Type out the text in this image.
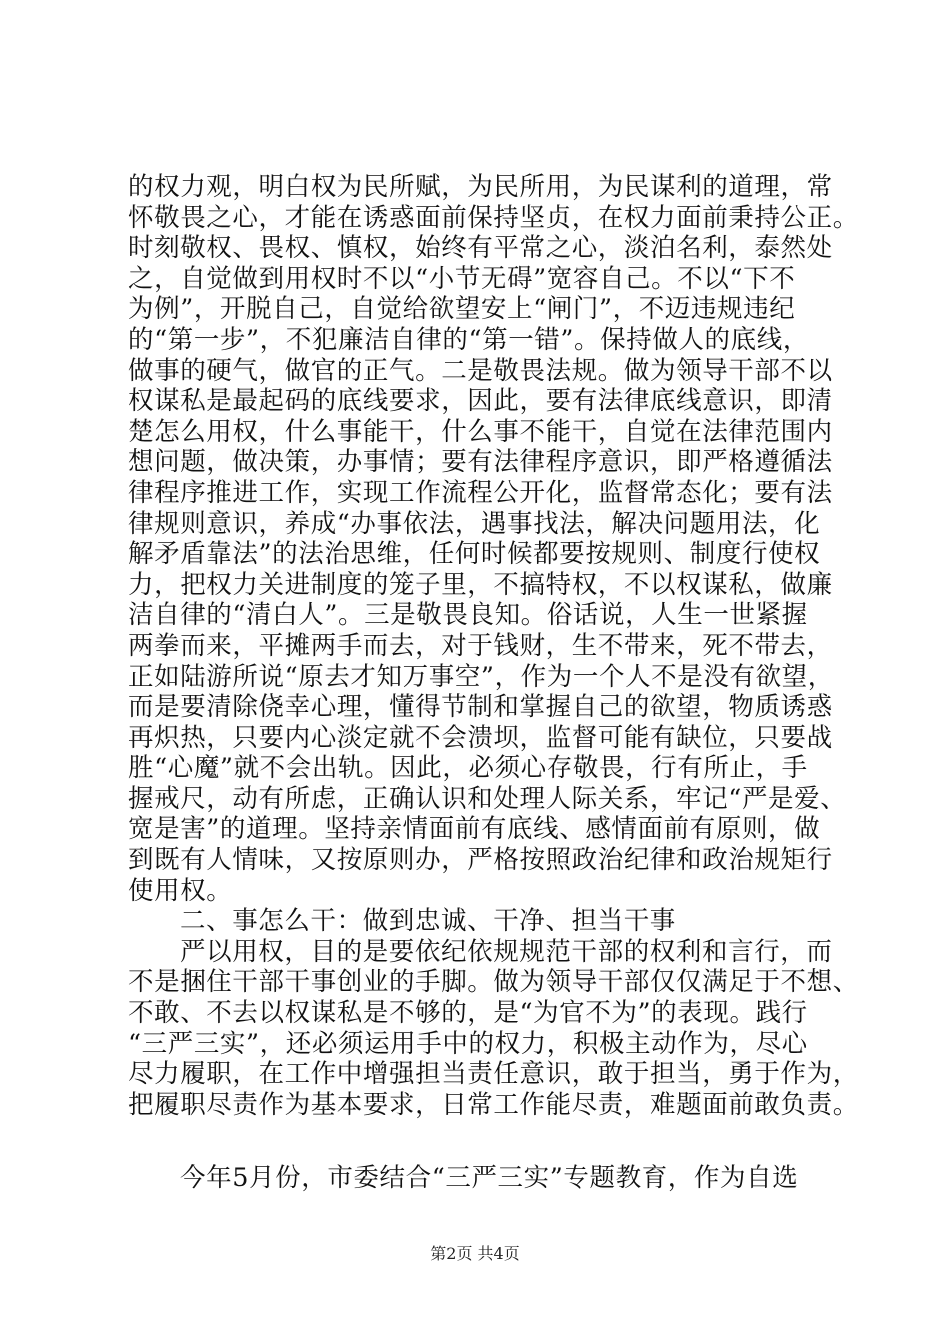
的权力观，明白权为民所赋，为民所用，为民谋利的道理，常
怀敬畏之心，才能在诱惑面前保持坚贞，在权力面前秉持公正。
时刻敬权、畏权、慎权，始终有平常之心，淡泊名利，泰然处
之，自觉做到用权时不以“小节无碍”宽容自己。不以“下不
为例”，开脱自己，自觉给欲望安上“闸门”，不迈违规违纪
的“第一步”，不犯廉洁自律的“第一错”。保持做人的底线，
做事的硬气，做官的正气。二是敬畏法规。做为领导干部不以
权谋私是最起码的底线要求，因此，要有法律底线意识，即清
楚怎么用权，什么事能干，什么事不能干，自觉在法律范围内
想问题，做决策，办事情；要有法律程序意识，即严格遵循法
律程序推进工作，实现工作流程公开化，监督常态化；要有法
律规则意识，养成“办事依法，遇事找法，解决问题用法，化
解矛盾靠法”的法治思维，任何时候都要按规则、制度行使权
力，把权力关进制度的笼子里，不搞特权，不以权谋私，做廉
洁自律的“清白人”。三是敬畏良知。俗话说，人生一世紧握
两拳而来，平摊两手而去，对于钱财，生不带来，死不带去，
正如陆游所说“原去才知万事空”，作为一个人不是没有欲望，
而是要清除侥幸心理，懂得节制和掌握自己的欲望，物质诱惑
再炽热，只要内心淡定就不会溃坝，监督可能有缺位，只要战
胜“心魔”就不会出轨。因此，必须心存敬畏，行有所止，手
握戒尺，动有所虑，正确认识和处理人际关系，牢记“严是爱、
宽是害”的道理。坚持亲情面前有底线、感情面前有原则，做
到既有人情味，又按原则办，严格按照政治纪律和政治规矩行
使用权。
二、事怎么干：做到忠诚、干净、担当干事
严以用权，目的是要依纪依规规范干部的权利和言行，而
不是捆住干部干事创业的手脚。做为领导干部仅仅满足于不想、
不敢、不去以权谋私是不够的，是“为官不为”的表现。践行
“三严三实”，还必须运用手中的权力，积极主动作为，尽心
尽力履职，在工作中增强担当责任意识，敢于担当，勇于作为，
把履职尽责作为基本要求，日常工作能尽责，难题面前敢负责。
今年5月份，市委结合“三严三实”专题教育，作为自选
第2页 共4页
